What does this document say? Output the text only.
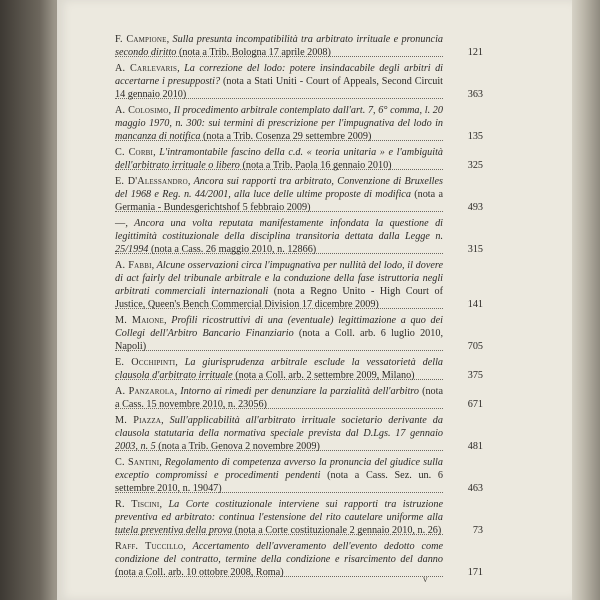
F. Campione, Sulla presunta incompatibilità tra arbitrato irrituale e pronuncia secondo diritto (nota a Trib. Bologna 17 aprile 2008)	121
A. Carlevaris, La correzione del lodo: potere insindacabile degli arbitri di accertarne i presupposti? (nota a Stati Uniti - Court of Appeals, Second Circuit 14 gennaio 2010)	363
A. Colosimo, Il procedimento arbitrale contemplato dall'art. 7, 6° comma, l. 20 maggio 1970, n. 300: sui termini di prescrizione per l'impugnativa del lodo in mancanza di notifica (nota a Trib. Cosenza 29 settembre 2009)	135
C. Corbi, L'intramontabile fascino della c.d. « teoria unitaria » e l'ambiguità dell'arbitrato irrituale o libero (nota a Trib. Paola 16 gennaio 2010)	325
E. D'Alessandro, Ancora sui rapporti tra arbitrato, Convenzione di Bruxelles del 1968 e Reg. n. 44/2001, alla luce delle ultime proposte di modifica (nota a Germania - Bundesgerichtshof 5 febbraio 2009)	493
—, Ancora una volta reputata manifestamente infondata la questione di legittimità costituzionale della disciplina transitoria dettata dalla Legge n. 25/1994 (nota a Cass. 26 maggio 2010, n. 12866)	315
A. Fabbi, Alcune osservazioni circa l'impugnativa per nullità del lodo, il dovere di act fairly del tribunale arbitrale e la conduzione della fase istruttoria negli arbitrati commerciali internazionali (nota a Regno Unito - High Court of Justice, Queen's Bench Commercial Division 17 dicembre 2009)	141
M. Maione, Profili ricostruttivi di una (eventuale) legittimazione a quo dei Collegi dell'Arbitro Bancario Finanziario (nota a Coll. arb. 6 luglio 2010, Napoli)	705
E. Occhipinti, La giurisprudenza arbitrale esclude la vessatorietà della clausola d'arbitrato irrituale (nota a Coll. arb. 2 settembre 2009, Milano)	375
A. Panzarola, Intorno ai rimedi per denunziare la parzialità dell'arbitro (nota a Cass. 15 novembre 2010, n. 23056)	671
M. Piazza, Sull'applicabilità all'arbitrato irrituale societario derivante da clausola statutaria della normativa speciale prevista dal D.Lgs. 17 gennaio 2003, n. 5 (nota a Trib. Genova 2 novembre 2009)	481
C. Santini, Regolamento di competenza avverso la pronuncia del giudice sulla exceptio compromissi e procedimenti pendenti (nota a Cass. Sez. un. 6 settembre 2010, n. 19047)	463
R. Tiscini, La Corte costituzionale interviene sui rapporti tra istruzione preventiva ed arbitrato: continua l'estensione del rito cautelare uniforme alla tutela preventiva della prova (nota a Corte costituzionale 2 gennaio 2010, n. 26)	73
Raff. Tuccillo, Accertamento dell'avveramento dell'evento dedotto come condizione del contratto, termine della condizione e risarcimento del danno (nota a Coll. arb. 10 ottobre 2008, Roma)	171
v
